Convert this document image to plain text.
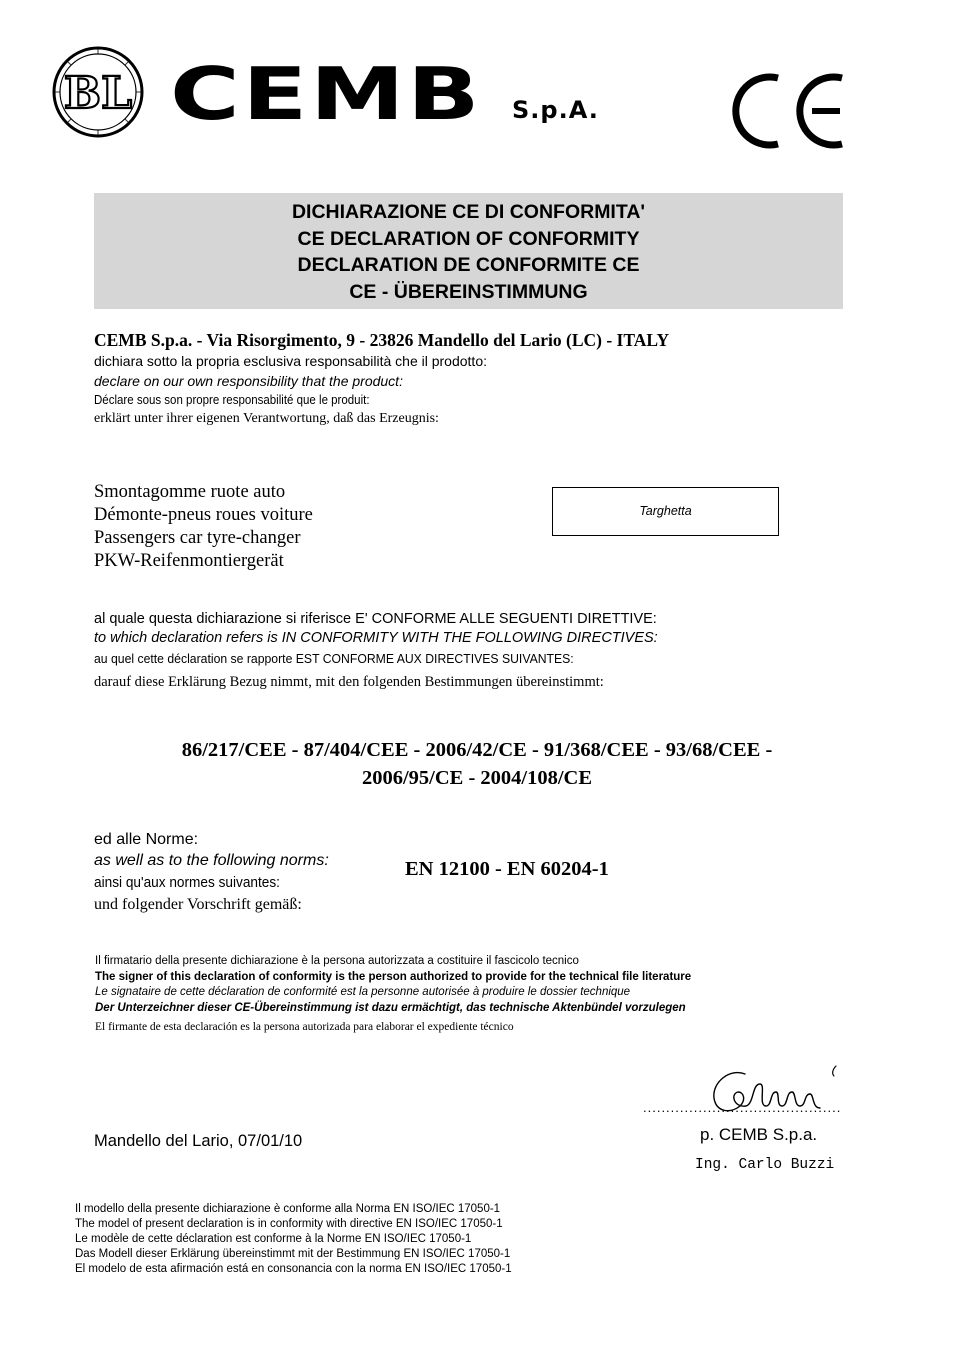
BL CEMB S.p.A.
DICHIARAZIONE CE DI CONFORMITA'
CE DECLARATION OF CONFORMITY
DECLARATION DE CONFORMITE CE
CE - ÜBEREINSTIMMUNG
CEMB S.p.a. - Via Risorgimento, 9 - 23826 Mandello del Lario (LC) - ITALY
dichiara sotto la propria esclusiva responsabilità che il prodotto:
declare on our own responsibility that the product:
Déclare sous son propre responsabilité que le produit:
erklärt unter ihrer eigenen Verantwortung, daß das Erzeugnis:
Smontagomme ruote auto
Démonte-pneus roues voiture
Passengers car tyre-changer
PKW-Reifenmontiergerät
Targhetta
al quale questa dichiarazione si riferisce E' CONFORME ALLE SEGUENTI DIRETTIVE:
to which declaration refers is IN CONFORMITY WITH THE FOLLOWING DIRECTIVES:
au quel cette déclaration se rapporte EST CONFORME AUX DIRECTIVES SUIVANTES:
darauf diese Erklärung Bezug nimmt, mit den folgenden Bestimmungen übereinstimmt:
86/217/CEE - 87/404/CEE - 2006/42/CE - 91/368/CEE - 93/68/CEE -
2006/95/CE - 2004/108/CE
ed alle Norme:
as well as to the following norms:
ainsi qu'aux normes suivantes:
und folgender Vorschrift gemäß:
EN 12100 - EN 60204-1
Il firmatario della presente dichiarazione è la persona autorizzata a costituire il fascicolo tecnico
The signer of this declaration of conformity is the person authorized to provide for the technical file literature
Le signataire de cette déclaration de conformité est la personne autorisée à produire le dossier technique
Der Unterzeichner dieser CE-Übereinstimmung ist dazu ermächtigt, das technische Aktenbündel vorzulegen
El firmante de esta declaración es la persona autorizada para elaborar el expediente técnico
Mandello del Lario, 07/01/10
...........................................
p. CEMB S.p.a.
Ing. Carlo Buzzi
Il modello della presente dichiarazione è conforme alla Norma EN ISO/IEC 17050-1
The model of present declaration is in conformity with directive EN ISO/IEC 17050-1
Le modèle de cette déclaration est conforme à la Norme EN ISO/IEC 17050-1
Das Modell dieser Erklärung übereinstimmt mit der Bestimmung EN ISO/IEC 17050-1
El modelo de esta afirmación está en consonancia con la norma EN ISO/IEC 17050-1
